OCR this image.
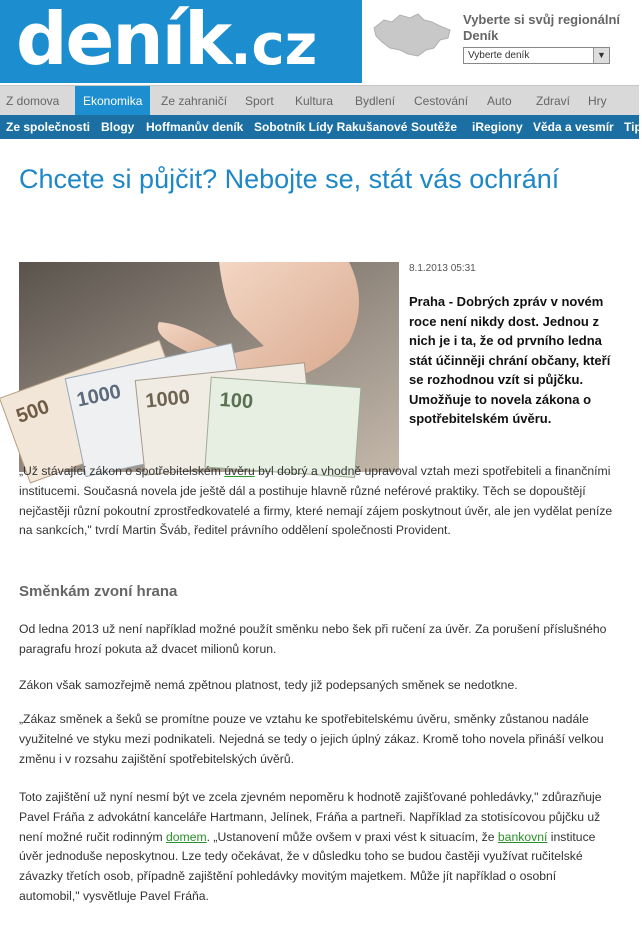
deník.cz	Vyberte si svůj regionální Deník
Vyberte deník	▼
Z domova	Ekonomika	Ze zahraničí Sport Kultura Bydlení Cestování Auto Zdraví Hry
Ze společnosti Blogy Hoffmanův deník Sobotník Lídy Rakušanové Soutěže iRegiony Věda a vesmír Tip
Chcete si půjčit? Nebojte se, stát vás ochrání
500 1000 1000 100
8.1.2013 05:31
Praha - Dobrých zpráv v novém roce není nikdy dost. Jednou z nich je i ta, že od prvního ledna stát účinněji chrání občany, kteří se rozhodnou vzít si půjčku. Umožňuje to novela zákona o spotřebitelském úvěru.

„Už stávající zákon o spotřebitelském úvěru byl dobrý a vhodně upravoval vztah mezi spotřebiteli a finančními institucemi. Současná novela jde ještě dál a postihuje hlavně různé neférové praktiky. Těch se dopouštějí nejčastěji různí pokoutní zprostředkovatelé a firmy, které nemají zájem poskytnout úvěr, ale jen vydělat peníze na sankcích," tvrdí Martin Šváb, ředitel právního oddělení společnosti Provident.

Směnkám zvoní hrana

Od ledna 2013 už není například možné použít směnku nebo šek při ručení za úvěr. Za porušení příslušného paragrafu hrozí pokuta až dvacet milionů korun.

Zákon však samozřejmě nemá zpětnou platnost, tedy již podepsaných směnek se nedotkne.

„Zákaz směnek a šeků se promítne pouze ve vztahu ke spotřebitelskému úvěru, směnky zůstanou nadále využitelné ve styku mezi podnikateli. Nejedná se tedy o jejich úplný zákaz. Kromě toho novela přináší velkou změnu i v rozsahu zajištění spotřebitelských úvěrů.

Toto zajištění už nyní nesmí být ve zcela zjevném nepoměru k hodnotě zajišťované pohledávky," zdůrazňuje Pavel Fráňa z advokátní kanceláře Hartmann, Jelínek, Fráňa a partneři. Například za stotisícovou půjčku už není možné ručit rodinným domem. „Ustanovení může ovšem v praxi vést k situacím, že bankovní instituce úvěr jednoduše neposkytnou. Lze tedy očekávat, že v důsledku toho se budou častěji využívat ručitelské závazky třetích osob, případně zajištění pohledávky movitým majetkem. Může jít například o osobní automobil," vysvětluje Pavel Fráňa.
